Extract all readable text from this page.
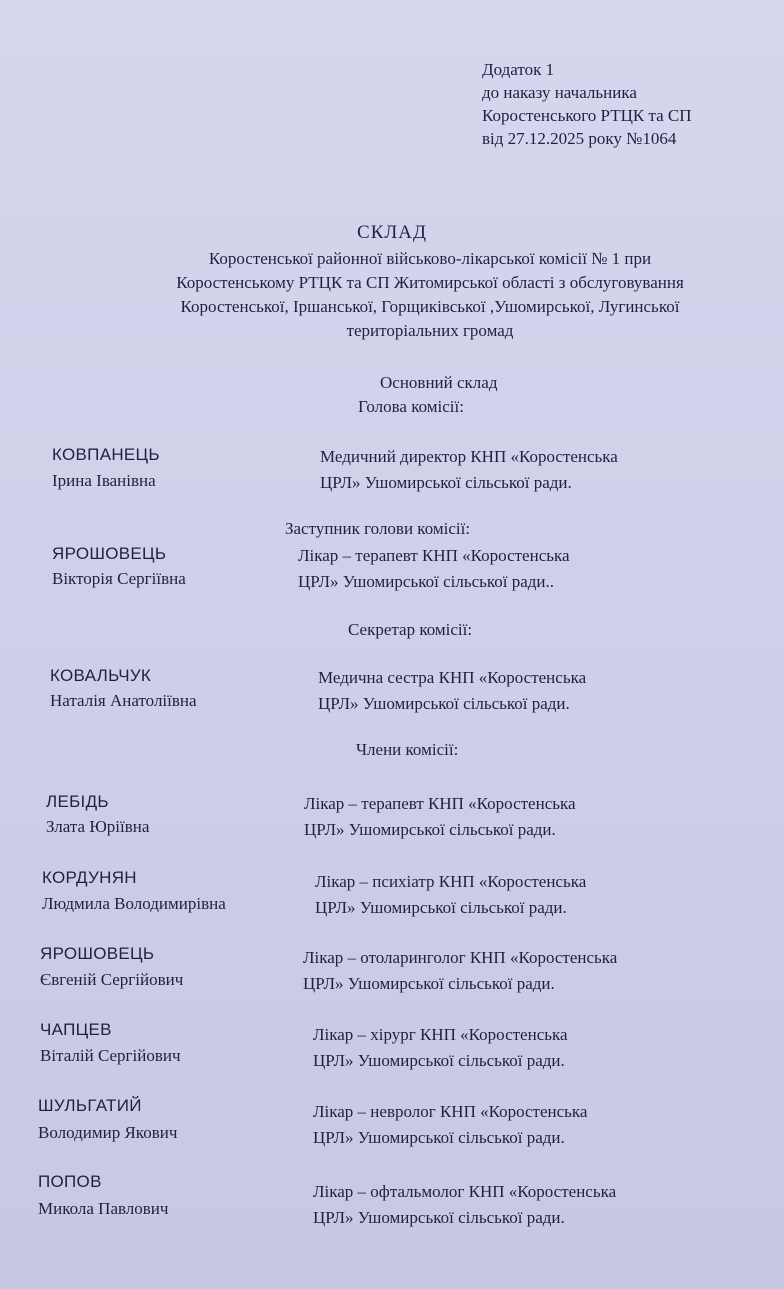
Додаток 1
до наказу начальника
Коростенського РТЦК та СП
від 27.12.2025 року №1064
СКЛАД
Коростенської районної військово-лікарської комісії № 1 при
Коростенському РТЦК та СП Житомирської області з обслуговування
Коростенської, Іршанської, Горщиківської ,Ушомирської, Лугинської
територіальних громад
Основний склад
Голова комісії:
КОВПАНЕЦЬ
Ірина Іванівна
Медичний директор КНП «Коростенська
ЦРЛ» Ушомирської сільської ради.
Заступник голови комісії:
ЯРОШОВЕЦЬ
Вікторія Сергіївна
Лікар – терапевт КНП «Коростенська
ЦРЛ» Ушомирської сільської ради..
Секретар комісії:
КОВАЛЬЧУК
Наталія Анатоліївна
Медична сестра КНП «Коростенська
ЦРЛ» Ушомирської сільської ради.
Члени комісії:
ЛЕБІДЬ
Злата Юріївна
Лікар – терапевт КНП «Коростенська
ЦРЛ» Ушомирської сільської ради.
КОРДУНЯН
Людмила Володимирівна
Лікар – психіатр КНП «Коростенська
ЦРЛ» Ушомирської сільської ради.
ЯРОШОВЕЦЬ
Євгеній Сергійович
Лікар – отоларинголог КНП «Коростенська
ЦРЛ» Ушомирської сільської ради.
ЧАПЦЕВ
Віталій Сергійович
Лікар – хірург КНП «Коростенська
ЦРЛ» Ушомирської сільської ради.
ШУЛЬГАТИЙ
Володимир Якович
Лікар – невролог КНП «Коростенська
ЦРЛ» Ушомирської сільської ради.
ПОПОВ
Микола Павлович
Лікар – офтальмолог КНП «Коростенська
ЦРЛ» Ушомирської сільської ради.
